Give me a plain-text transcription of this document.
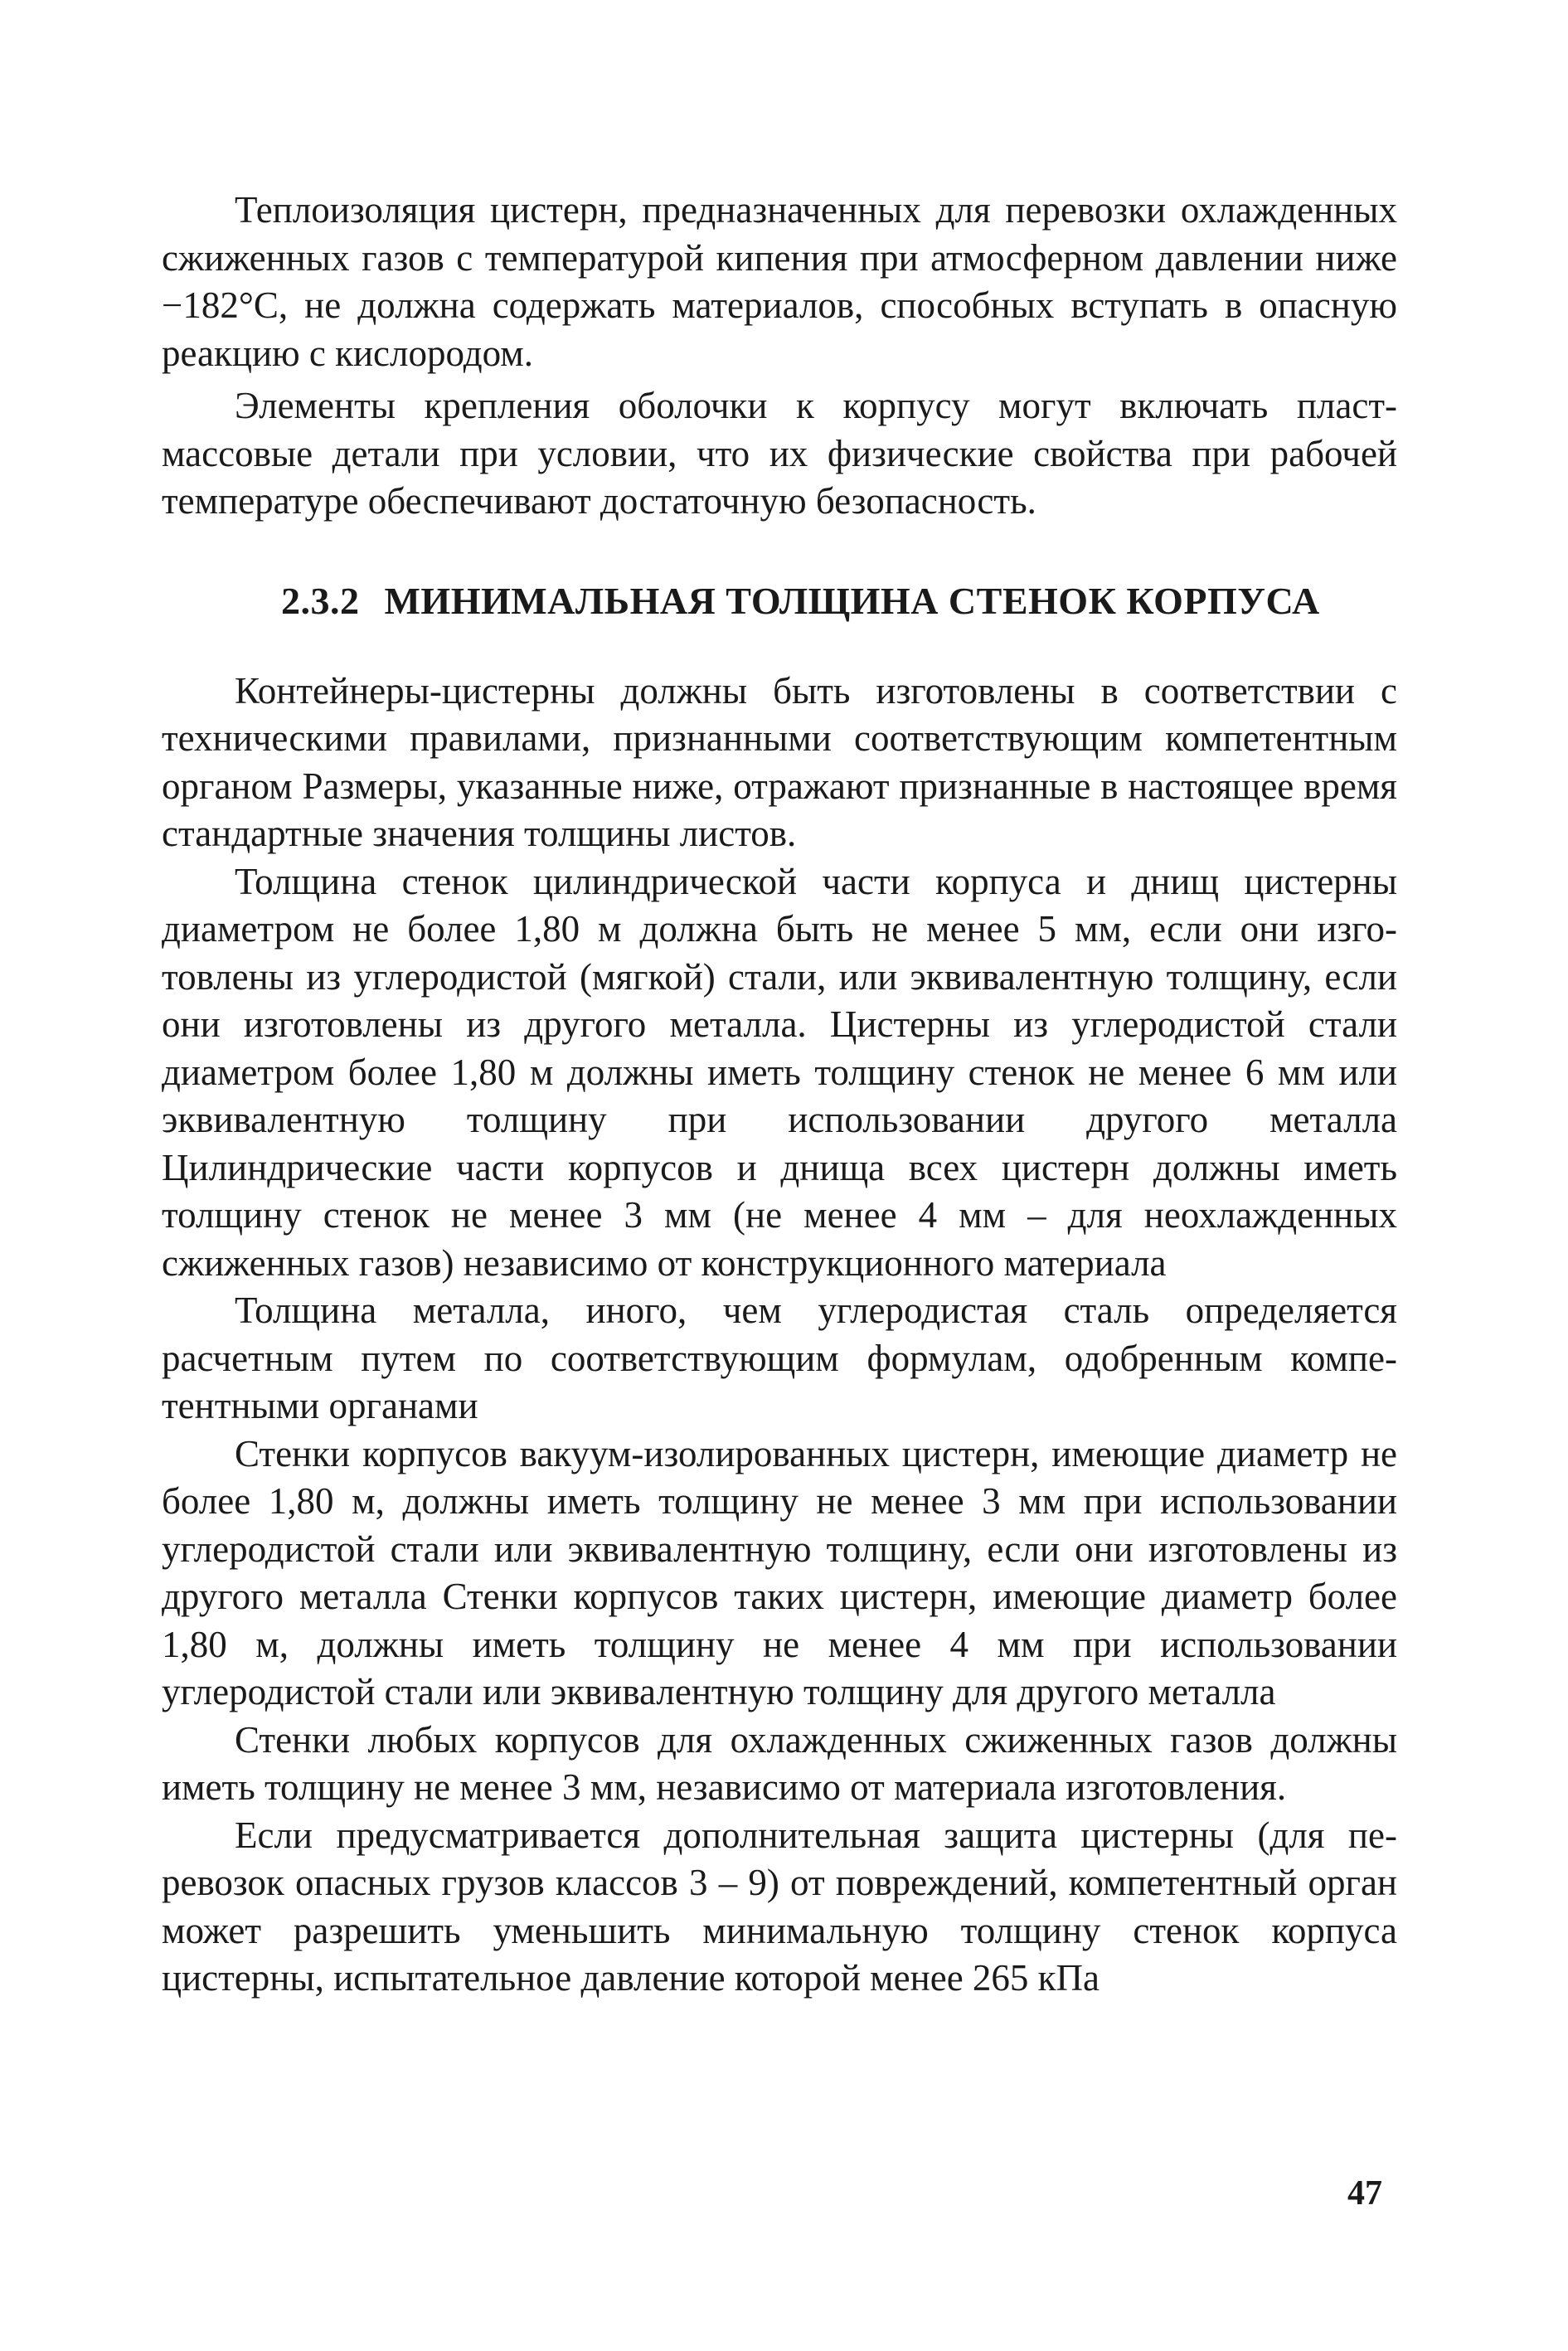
Теплоизоляция цистерн, предназначенных для перевозки охлажденных сжиженных газов с температурой кипения при атмосферном давлении ниже −182°С, не должна содержать материалов, способных вступать в опасную реакцию с кислородом.

Элементы крепления оболочки к корпусу могут включать пластмассовые детали при условии, что их физические свойства при рабочей температуре обеспечивают достаточную безопасность.

2.3.2 МИНИМАЛЬНАЯ ТОЛЩИНА СТЕНОК КОРПУСА

Контейнеры-цистерны должны быть изготовлены в соответствии с техническими правилами, признанными соответствующим компетентным органом Размеры, указанные ниже, отражают признанные в настоящее время стандартные значения толщины листов.

Толщина стенок цилиндрической части корпуса и днищ цистерны диаметром не более 1,80 м должна быть не менее 5 мм, если они изготовлены из углеродистой (мягкой) стали, или эквивалентную толщину, если они изготовлены из другого металла. Цистерны из углеродистой стали диаметром более 1,80 м должны иметь толщину стенок не менее 6 мм или эквивалентную толщину при использовании другого металла Цилиндрические части корпусов и днища всех цистерн должны иметь толщину стенок не менее 3 мм (не менее 4 мм – для неохлажденных сжиженных газов) независимо от конструкционного материала

Толщина металла, иного, чем углеродистая сталь определяется расчетным путем по соответствующим формулам, одобренным компетентными органами

Стенки корпусов вакуум-изолированных цистерн, имеющие диаметр не более 1,80 м, должны иметь толщину не менее 3 мм при использовании углеродистой стали или эквивалентную толщину, если они изготовлены из другого металла Стенки корпусов таких цистерн, имеющие диаметр более 1,80 м, должны иметь толщину не менее 4 мм при использовании углеродистой стали или эквивалентную толщину для другого металла

Стенки любых корпусов для охлажденных сжиженных газов должны иметь толщину не менее 3 мм, независимо от материала изготовления.

Если предусматривается дополнительная защита цистерны (для перевозок опасных грузов классов 3 – 9) от повреждений, компетентный орган может разрешить уменьшить минимальную толщину стенок корпуса цистерны, испытательное давление которой менее 265 кПа

47
